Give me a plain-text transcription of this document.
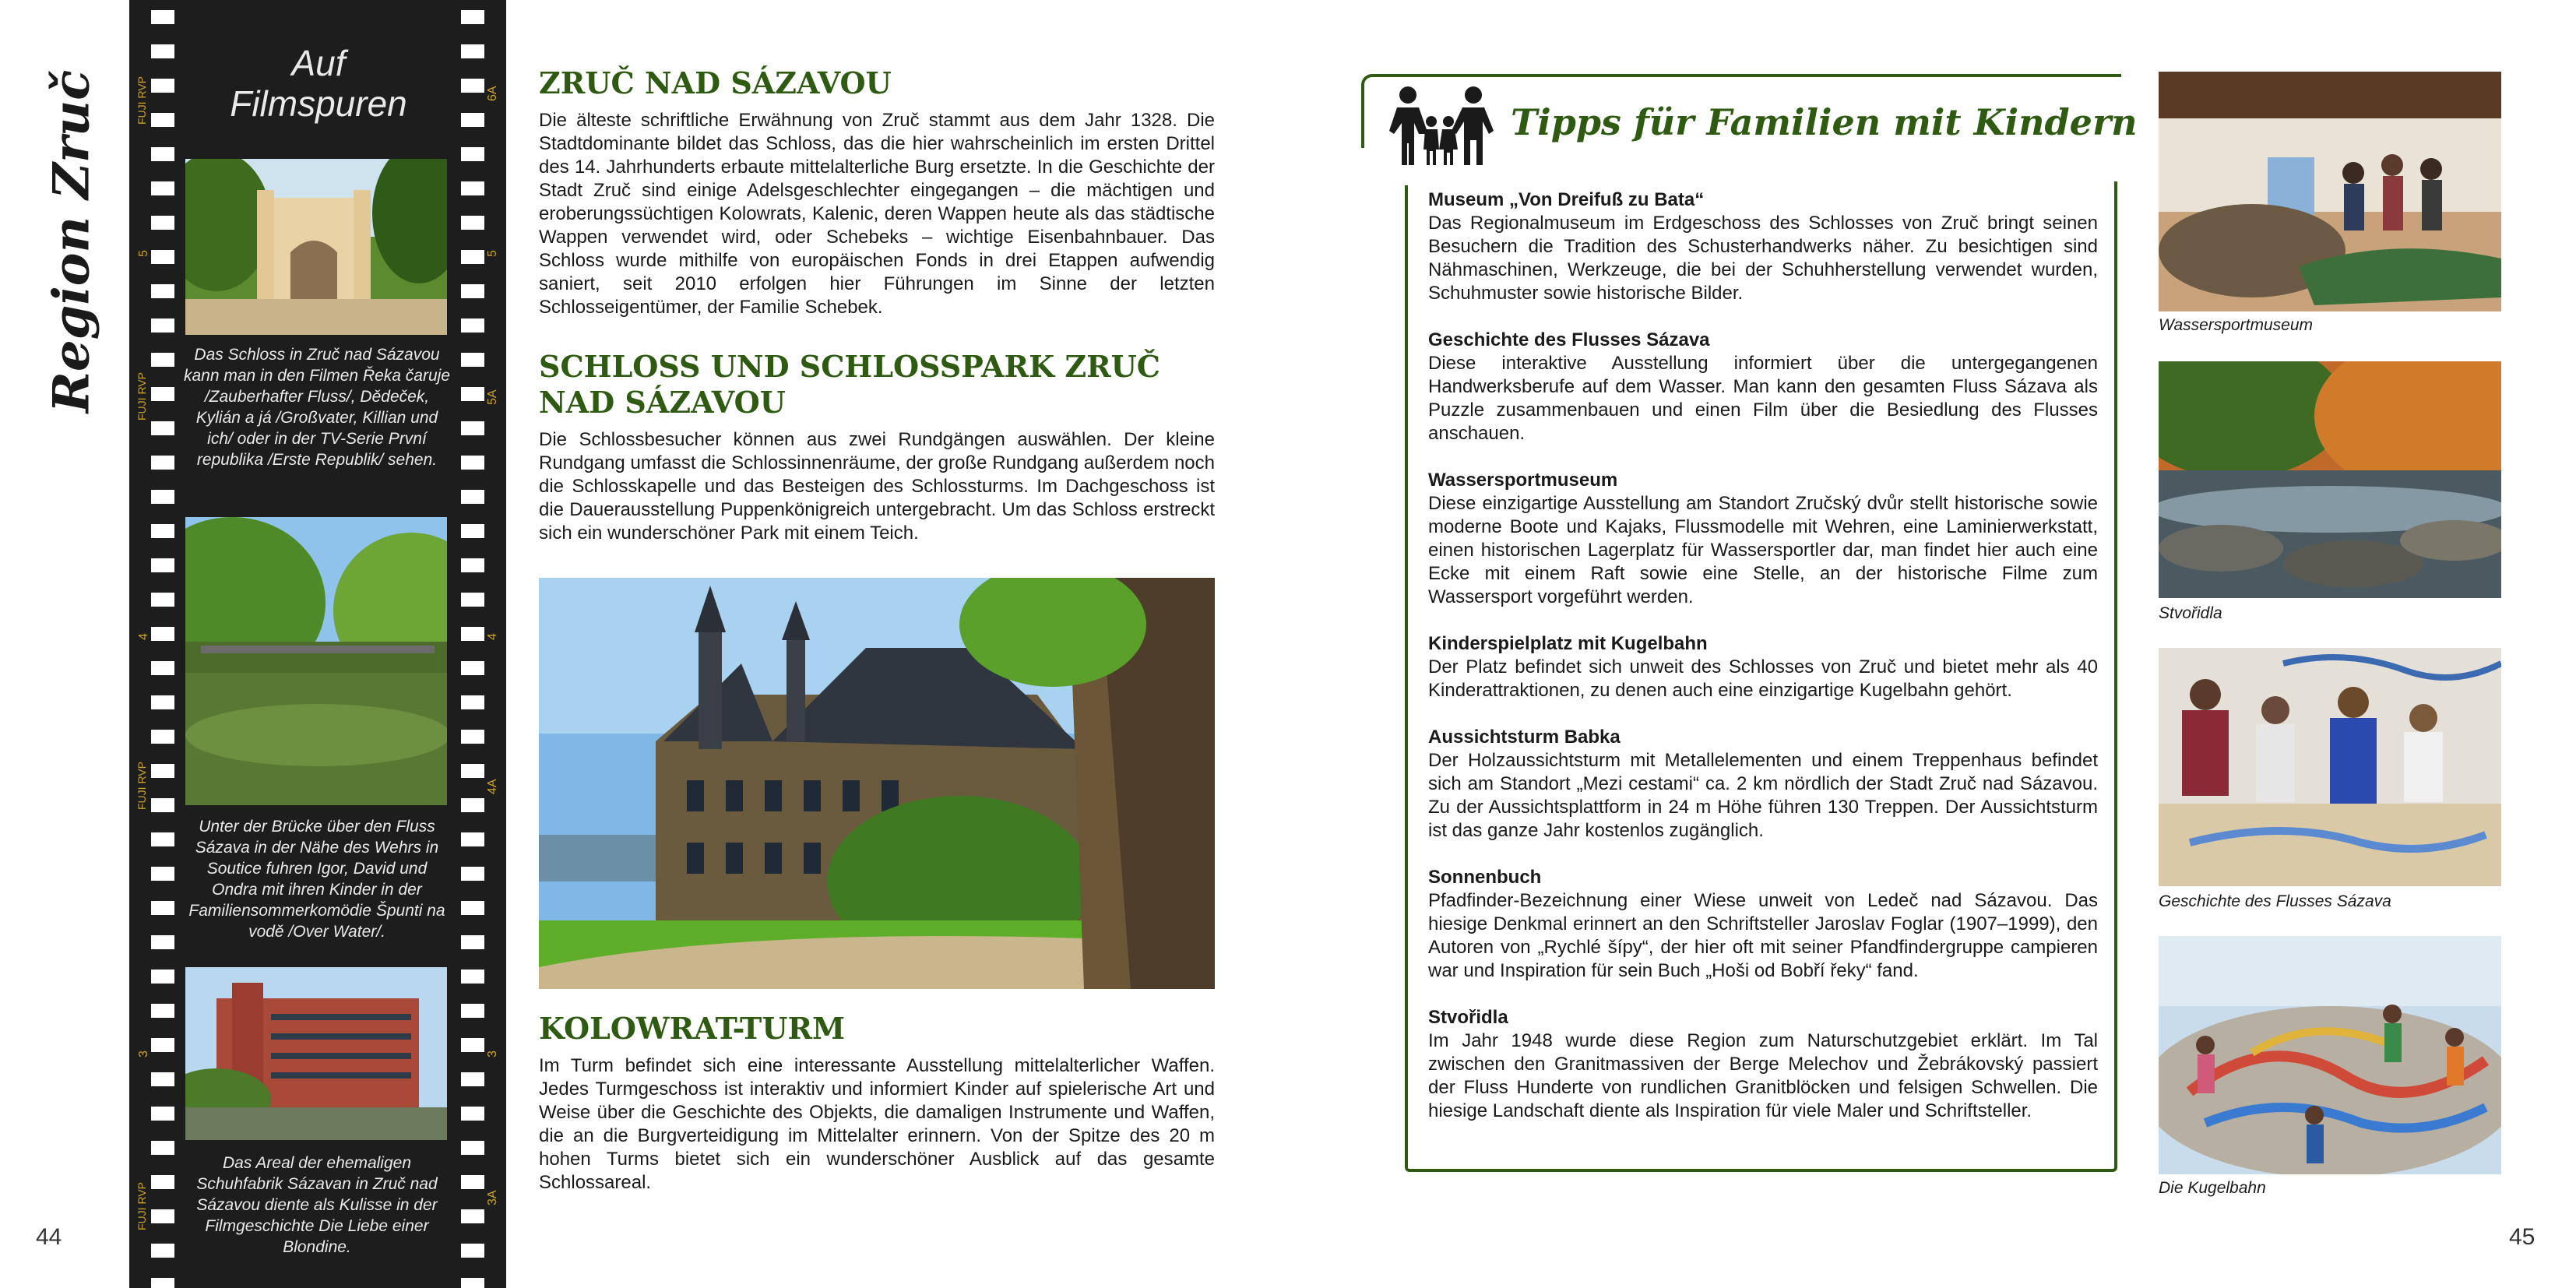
Region Zruč
44
Auf
Filmspuren
FUJI RVP
FUJI RVP
FUJI RVP
FUJI RVP
6A
5	5
5A
4	4
4A
3	3
3A
Das Schloss in Zruč nad Sázavou kann man in den Filmen Řeka čaruje /Zauberhafter Fluss/, Dědeček, Kylián a já /Großvater, Killian und ich/ oder in der TV-Serie První republika /Erste Republik/ sehen.
Unter der Brücke über den Fluss Sázava in der Nähe des Wehrs in Soutice fuhren Igor, David und Ondra mit ihren Kinder in der Familiensommerkomödie Špunti na vodě /Over Water/.
Das Areal der ehemaligen Schuhfabrik Sázavan in Zruč nad Sázavou diente als Kulisse in der Filmgeschichte Die Liebe einer Blondine.
ZRUČ NAD SÁZAVOU
Die älteste schriftliche Erwähnung von Zruč stammt aus dem Jahr 1328. Die Stadtdominante bildet das Schloss, das die hier wahrscheinlich im ersten Drittel des 14. Jahrhunderts erbaute mittelalterliche Burg ersetzte. In die Geschichte der Stadt Zruč sind einige Adelsgeschlechter eingegangen – die mächtigen und eroberungssüchtigen Kolowrats, Kalenic, deren Wappen heute als das städtische Wappen verwendet wird, oder Schebeks – wichtige Eisenbahnbauer. Das Schloss wurde mithilfe von europäischen Fonds in drei Etappen aufwendig saniert, seit 2010 erfolgen hier Führungen im Sinne der letzten Schlosseigentümer, der Familie Schebek.
SCHLOSS UND SCHLOSSPARK ZRUČ NAD SÁZAVOU
Die Schlossbesucher können aus zwei Rundgängen auswählen. Der kleine Rundgang umfasst die Schlossinnenräume, der große Rundgang außerdem noch die Schlosskapelle und das Besteigen des Schlossturms. Im Dachgeschoss ist die Dauerausstellung Puppenkönigreich untergebracht. Um das Schloss erstreckt sich ein wunderschöner Park mit einem Teich.
KOLOWRAT-TURM
Im Turm befindet sich eine interessante Ausstellung mittelalterlicher Waffen. Jedes Turmgeschoss ist interaktiv und informiert Kinder auf spielerische Art und Weise über die Geschichte des Objekts, die damaligen Instrumente und Waffen, die an die Burgverteidigung im Mittelalter erinnern. Von der Spitze des 20 m hohen Turms bietet sich ein wunderschöner Ausblick auf das gesamte Schlossareal.
Tipps für Familien mit Kindern
Museum „Von Dreifuß zu Bata“
Das Regionalmuseum im Erdgeschoss des Schlosses von Zruč bringt seinen Besuchern die Tradition des Schusterhandwerks näher. Zu besichtigen sind Nähmaschinen, Werkzeuge, die bei der Schuhherstellung verwendet wurden, Schuhmuster sowie historische Bilder.
Geschichte des Flusses Sázava
Diese interaktive Ausstellung informiert über die untergegangenen Handwerksberufe auf dem Wasser. Man kann den gesamten Fluss Sázava als Puzzle zusammenbauen und einen Film über die Besiedlung des Flusses anschauen.
Wassersportmuseum
Diese einzigartige Ausstellung am Standort Zručský dvůr stellt historische sowie moderne Boote und Kajaks, Flussmodelle mit Wehren, eine Laminierwerkstatt, einen historischen Lagerplatz für Wassersportler dar, man findet hier auch eine Ecke mit einem Raft sowie eine Stelle, an der historische Filme zum Wassersport vorgeführt werden.
Kinderspielplatz mit Kugelbahn
Der Platz befindet sich unweit des Schlosses von Zruč und bietet mehr als 40 Kinderattraktionen, zu denen auch eine einzigartige Kugelbahn gehört.
Aussichtsturm Babka
Der Holzaussichtsturm mit Metallelementen und einem Treppenhaus befindet sich am Standort „Mezi cestami“ ca. 2 km nördlich der Stadt Zruč nad Sázavou. Zu der Aussichtsplattform in 24 m Höhe führen 130 Treppen. Der Aussichtsturm ist das ganze Jahr kostenlos zugänglich.
Sonnenbuch
Pfadfinder-Bezeichnung einer Wiese unweit von Ledeč nad Sázavou. Das hiesige Denkmal erinnert an den Schriftsteller Jaroslav Foglar (1907–1999), den Autoren von „Rychlé šípy“, der hier oft mit seiner Pfandfindergruppe campieren war und Inspiration für sein Buch „Hoši od Bobří řeky“ fand.
Stvořidla
Im Jahr 1948 wurde diese Region zum Naturschutzgebiet erklärt. Im Tal zwischen den Granitmassiven der Berge Melechov und Žebrákovský passiert der Fluss Hunderte von rundlichen Granitblöcken und felsigen Schwellen. Die hiesige Landschaft diente als Inspiration für viele Maler und Schriftsteller.
Wassersportmuseum
Stvořidla
Geschichte des Flusses Sázava
Die Kugelbahn
45
